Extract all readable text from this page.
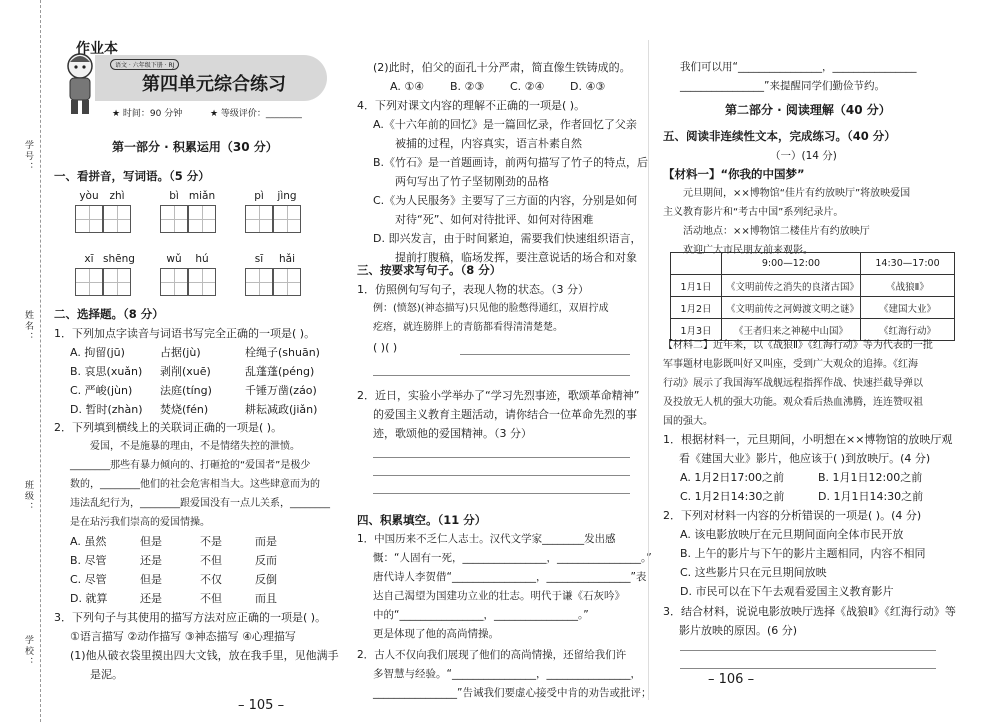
学号：
姓名：
班级：
学校：
作业本
语文 · 六年级下册 · RJ
第四单元综合练习
★ 时间：90 分钟	★ 等级评价：________
第一部分 · 积累运用（30 分）
一、看拼音，写词语。（5 分）
yòu	zhì	bì miǎn	pì	jìng
xī shēng	wǔ	hú	sī	hǎi
二、选择题。（8 分）
1．下列加点字读音与词语书写完全正确的一项是( )。
A. 拘留(jū)	占据(jù)	栓绳子(shuān)
B. 哀思(xuǎn)	剥削(xuē)	乱蓬蓬(péng)
C. 严峻(jùn)	法庭(tíng)	千锤万凿(záo)
D. 暂时(zhàn)	焚烧(fén)	耕耘减政(jiǎn)
2．下列填到横线上的关联词正确的一项是( )。
　　爱国，不是施暴的理由，不是情绪失控的泄愤。
________那些有暴力倾向的、打砸抢的“爱国者”是极少
数的，________他们的社会危害相当大。这些肆意而为的
违法乱纪行为，________跟爱国没有一点儿关系，________
是在玷污我们崇高的爱国情操。
A. 虽然	但是	不是	而是
B. 尽管	还是	不但	反而
C. 尽管	但是	不仅	反倒
D. 就算	还是	不但	而且
3．下列句子与其使用的描写方法对应正确的一项是( )。
①语言描写 ②动作描写 ③神态描写 ④心理描写
(1)他从破衣袋里摸出四大文钱，放在我手里，见他满手
是泥。
– 105 –
(2)此时，伯父的面孔十分严肃，简直像生铁铸成的。
A. ①④	B. ②③	C. ②④	D. ④③
4．下列对课文内容的理解不正确的一项是( )。
A.《十六年前的回忆》是一篇回忆录，作者回忆了父亲
　　被捕的过程，内容真实，语言朴素自然
B.《竹石》是一首题画诗，前两句描写了竹子的特点，后
　　两句写出了竹子坚韧刚劲的品格
C.《为人民服务》主要写了三方面的内容，分别是如何
　　对待“死”、如何对待批评、如何对待困难
D. 即兴发言，由于时间紧迫，需要我们快速组织语言，
　　提前打腹稿，临场发挥，要注意说话的场合和对象
三、按要求写句子。（8 分）
1．仿照例句写句子，表现人物的状态。（3 分）
例：(愤怒)(神态描写)只见他的脸憋得通红，双眉拧成
疙瘩，就连膀胖上的青筋都看得清清楚楚。
( )( )
2．近日，实验小学举办了“学习先烈事迹，歌颂革命精神”
的爱国主义教育主题活动，请你结合一位革命先烈的事
迹，歌颂他的爱国精神。（3 分）
四、积累填空。（11 分）
1．中国历来不乏仁人志士。汉代文学家________发出感
慨：“人固有一死，________________，________________。”
唐代诗人李贺借“________________，________________”表
达自己渴望为国建功立业的壮志。明代于谦《石灰吟》
中的“________________，________________。”
更是体现了他的高尚情操。
2．古人不仅向我们展现了他们的高尚情操，还留给我们许
多智慧与经验。“________________，________________，
________________”告诫我们要虚心接受中肯的劝告或批评；
我们可以用“________________，________________
________________”来提醒同学们勤俭节约。
第二部分 · 阅读理解（40 分）
五、阅读非连续性文本，完成练习。（40 分）
（一）(14 分)
【材料一】“你我的中国梦”
　　元旦期间，××博物馆“佳片有约放映厅”将放映爱国
主义教育影片和“考古中国”系列纪录片。
　　活动地点：××博物馆二楼佳片有约放映厅
　　欢迎广大市民朋友前来观影。
	9:00—12:00	14:30—17:00
1月1日	《文明前传之消失的良渚古国》	《战狼Ⅱ》
1月2日	《文明前传之河姆渡文明之谜》	《建国大业》
1月3日	《王者归来之神秘中山国》	《红海行动》
【材料二】近年来，以《战狼Ⅱ》《红海行动》等为代表的一批
军事题材电影既叫好又叫座，受到广大观众的追捧。《红海
行动》展示了我国海军战舰远程指挥作战、快速拦截导弹以
及投放无人机的强大功能。观众看后热血沸腾，连连赞叹祖
国的强大。
1．根据材料一，元旦期间，小明想在××博物馆的放映厅观
看《建国大业》影片，他应该于( )到放映厅。(4 分)
A. 1月2日17:00之前	B. 1月1日12:00之前
C. 1月2日14:30之前	D. 1月1日14:30之前
2．下列对材料一内容的分析错误的一项是( )。(4 分)
A. 该电影放映厅在元旦期间面向全体市民开放
B. 上午的影片与下午的影片主题相同，内容不相同
C. 这些影片只在元旦期间放映
D. 市民可以在下午去观看爱国主义教育影片
3．结合材料，说说电影放映厅选择《战狼Ⅱ》《红海行动》等
影片放映的原因。(6 分)
– 106 –
